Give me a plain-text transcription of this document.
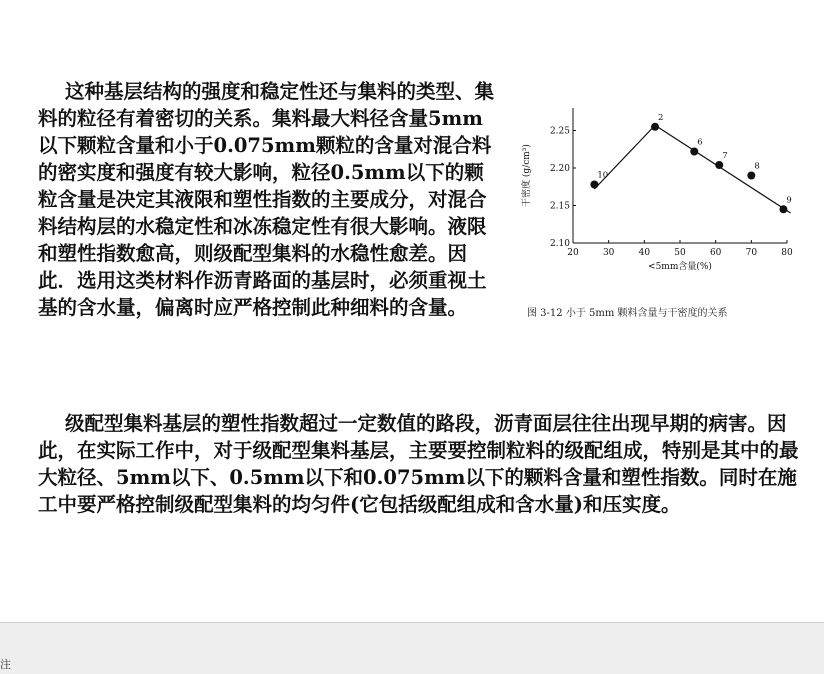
这种基层结构的强度和稳定性还与集料的类型、集料的粒径有着密切的关系。集料最大料径含量5mm以下颗粒含量和小于0.075mm颗粒的含量对混合料的密实度和强度有较大影响，粒径0.5mm以下的颗粒含量是决定其液限和塑性指数的主要成分，对混合料结构层的水稳定性和冰冻稳定性有很大影响。液限和塑性指数愈高，则级配型集料的水稳性愈差。因此．选用这类材料作沥青路面的基层时，必须重视土基的含水量，偏离时应严格控制此种细料的含量。

20	30	40	50	60	70	80
2.10
2.15
2.20
2.25
<5mm含量(%)
干密度 (g/cm³)	10
2
6
7
8
9
图 3-12 小于 5mm 颗料含量与干密度的关系

级配型集料基层的塑性指数超过一定数值的路段，沥青面层往往出现早期的病害。因此，在实际工作中，对于级配型集料基层，主要要控制粒料的级配组成，特别是其中的最大粒径、5mm以下、0.5mm以下和0.075mm以下的颗料含量和塑性指数。同时在施工中要严格控制级配型集料的均匀件(它包括级配组成和含水量)和压实度。

注
